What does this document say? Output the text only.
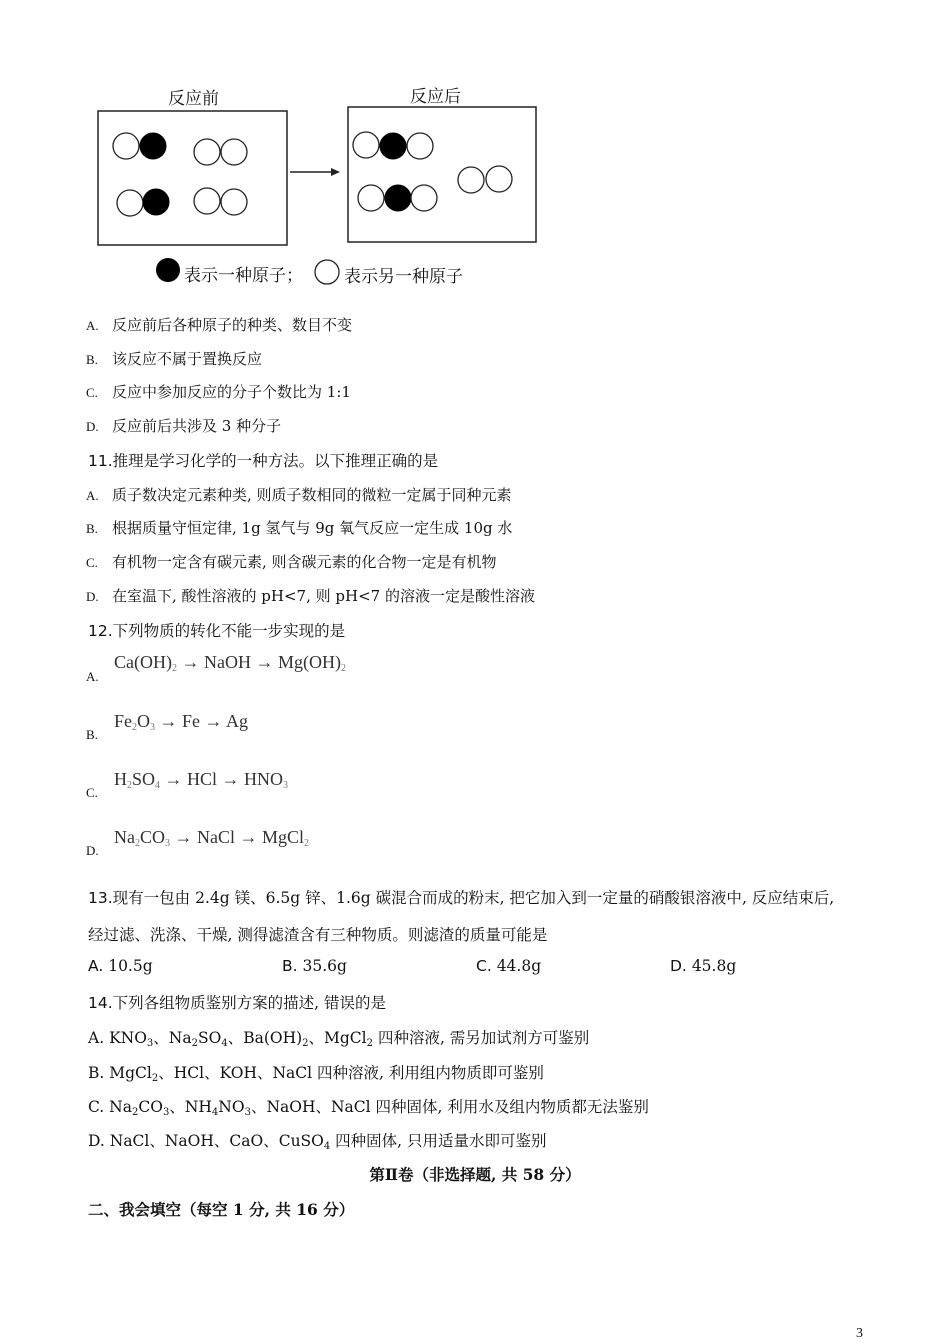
反应前	反应后
表示一种原子； 表示另一种原子
A. 反应前后各种原子的种类、数目不变
B. 该反应不属于置换反应
C. 反应中参加反应的分子个数比为 1:1
D. 反应前后共涉及 3 种分子
11.推理是学习化学的一种方法。以下推理正确的是
A. 质子数决定元素种类, 则质子数相同的微粒一定属于同种元素
B. 根据质量守恒定律, 1g 氢气与 9g 氧气反应一定生成 10g 水
C. 有机物一定含有碳元素, 则含碳元素的化合物一定是有机物
D. 在室温下, 酸性溶液的 pH<7, 则 pH<7 的溶液一定是酸性溶液
12.下列物质的转化不能一步实现的是
A.
$Ca(OH)_2$ → NaOH → $Mg(OH)_2$
B.
$Fe_2O_3 \to Fe \to Ag$
C.
$H_2SO_4$ → HCl → $HNO_3$
D.
$Na_2CO_3$ → NaCl → MgCl$_2$
13.现有一包由 2.4g 镁、6.5g 锌、1.6g 碳混合而成的粉末, 把它加入到一定量的硝酸银溶液中, 反应结束后,
经过滤、洗涤、干燥, 测得滤渣含有三种物质。则滤渣的质量可能是
A. 10.5g	B. 35.6g	C. 44.8g	D. 45.8g
14.下列各组物质鉴别方案的描述, 错误的是
A. $KNO_3$、$Na_2SO_4$、$Ba(OH)_2$、MgCl$_2$ 四种溶液, 需另加试剂方可鉴别
B. MgCl$_2$、HCl、KOH、NaCl 四种溶液, 利用组内物质即可鉴别
C. $Na_2CO_3$、$NH_4NO_3$、NaOH、NaCl 四种固体, 利用水及组内物质都无法鉴别
D. NaCl、NaOH、CaO、CuSO$_4$ 四种固体, 只用适量水即可鉴别
第Ⅱ卷（非选择题, 共 58 分）
二、我会填空（每空 1 分, 共 16 分）
3
